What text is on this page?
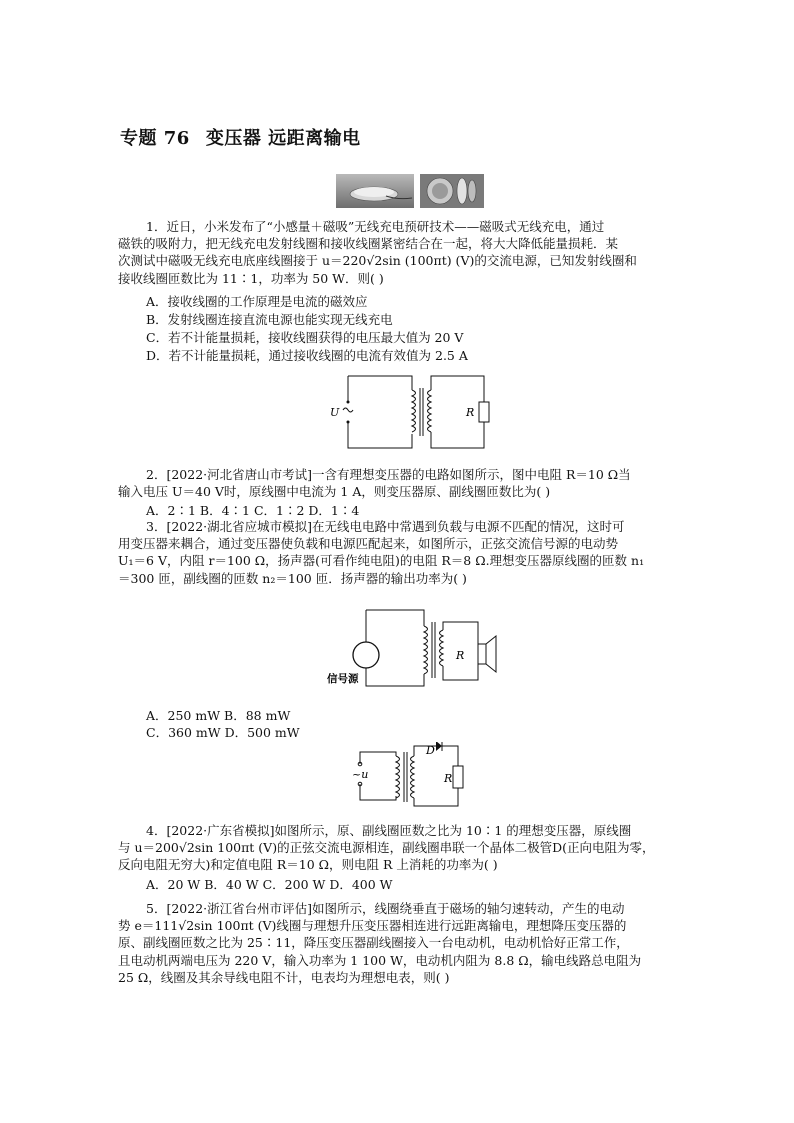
专题 76 变压器 远距离输电
1．近日，小米发布了“小感量＋磁吸”无线充电预研技术——磁吸式无线充电，通过
磁铁的吸附力，把无线充电发射线圈和接收线圈紧密结合在一起，将大大降低能量损耗．某
次测试中磁吸无线充电底座线圈接于 u＝220√2sin (100πt) (V)的交流电源，已知发射线圈和
接收线圈匝数比为 11∶1，功率为 50 W．则( )
A．接收线圈的工作原理是电流的磁效应
B．发射线圈连接直流电源也能实现无线充电
C．若不计能量损耗，接收线圈获得的电压最大值为 20 V
D．若不计能量损耗，通过接收线圈的电流有效值为 2.5 A
U	R
2．[2022·河北省唐山市考试]一含有理想变压器的电路如图所示，图中电阻 R＝10 Ω当
输入电压 U＝40 V时，原线圈中电流为 1 A，则变压器原、副线圈匝数比为( )
A．2∶1 B．4∶1 C．1∶2 D．1∶4
3．[2022·湖北省应城市模拟]在无线电电路中常遇到负载与电源不匹配的情况，这时可
用变压器来耦合，通过变压器使负载和电源匹配起来，如图所示，正弦交流信号源的电动势
U₁＝6 V，内阻 r＝100 Ω，扬声器(可看作纯电阻)的电阻 R＝8 Ω.理想变压器原线圈的匝数 n₁
＝300 匝，副线圈的匝数 n₂＝100 匝．扬声器的输出功率为( )
R
信号源
A．250 mW B．88 mW
C．360 mW D．500 mW
D
~u	R
4．[2022·广东省模拟]如图所示，原、副线圈匝数之比为 10∶1 的理想变压器，原线圈
与 u＝200√2sin 100πt (V)的正弦交流电源相连，副线圈串联一个晶体二极管D(正向电阻为零，
反向电阻无穷大)和定值电阻 R＝10 Ω，则电阻 R 上消耗的功率为( )
A．20 W B．40 W C．200 W D．400 W
5．[2022·浙江省台州市评估]如图所示，线圈绕垂直于磁场的轴匀速转动，产生的电动
势 e＝111√2sin 100πt (V)线圈与理想升压变压器相连进行远距离输电，理想降压变压器的
原、副线圈匝数之比为 25∶11，降压变压器副线圈接入一台电动机，电动机恰好正常工作，
且电动机两端电压为 220 V，输入功率为 1 100 W，电动机内阻为 8.8 Ω，输电线路总电阻为
25 Ω，线圈及其余导线电阻不计，电表均为理想电表，则( )
